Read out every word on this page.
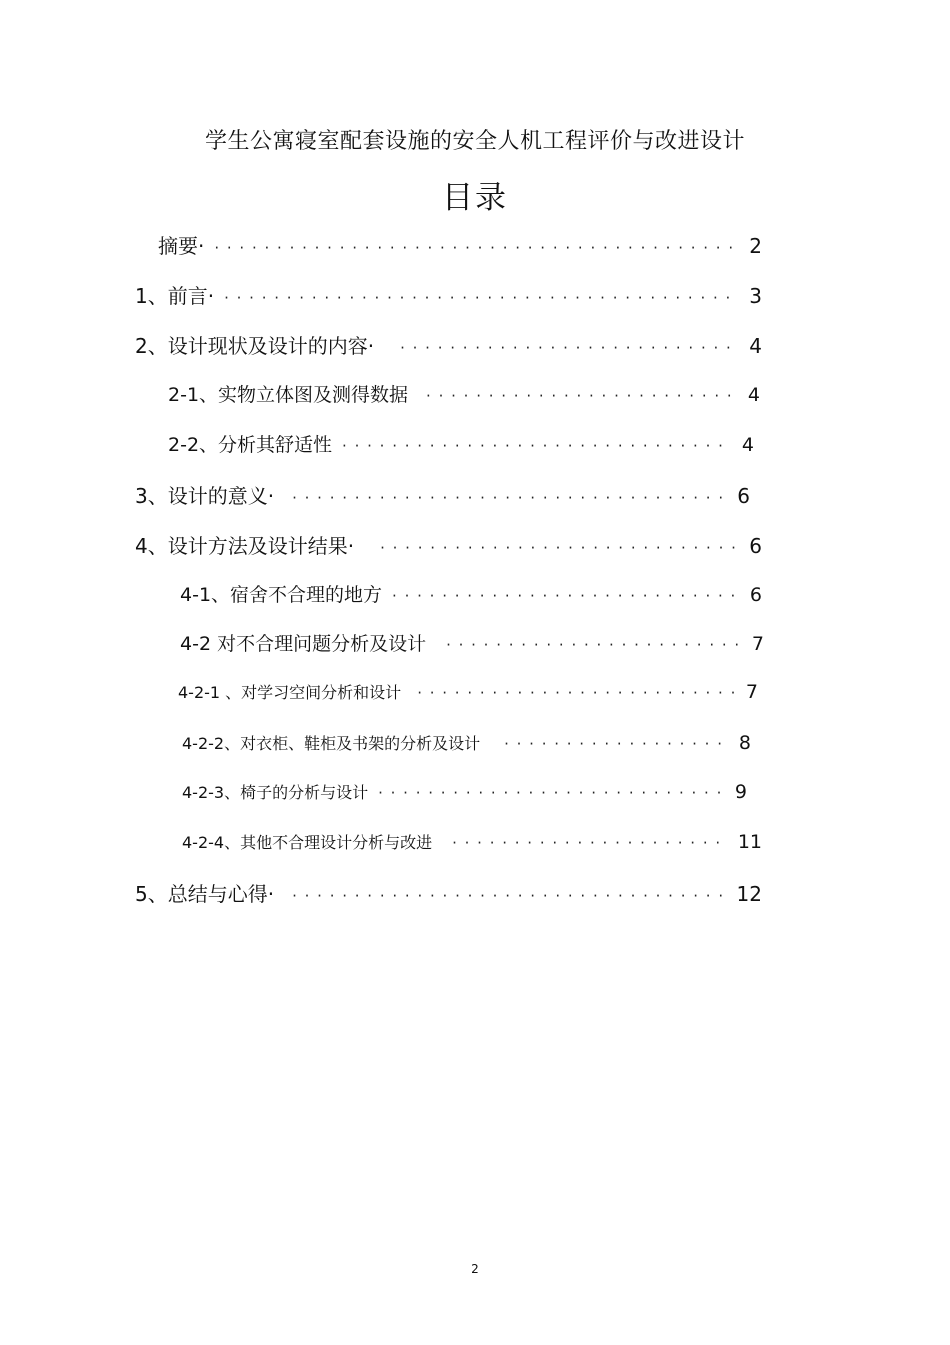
学生公寓寝室配套设施的安全人机工程评价与改进设计
目录
摘要· · · ·	2
1、前言· · · ·	3
2、设计现状及设计的内容· · · ·	4
2-1、实物立体图及测得数据 · · ·	4
2-2、分析其舒适性 · · ·	4
3、设计的意义· · · ·	6
4、设计方法及设计结果· · · ·	6
4-1、宿舍不合理的地方 · · ·	6
4-2 对不合理问题分析及设计 · · ·	7
4-2-1 、对学习空间分析和设计 · · ·	7
4-2-2、对衣柜、鞋柜及书架的分析及设计 · · ·	8
4-2-3、椅子的分析与设计 · · ·	9
4-2-4、其他不合理设计分析与改进 · · ·	11
5、总结与心得· · · ·	12
2
